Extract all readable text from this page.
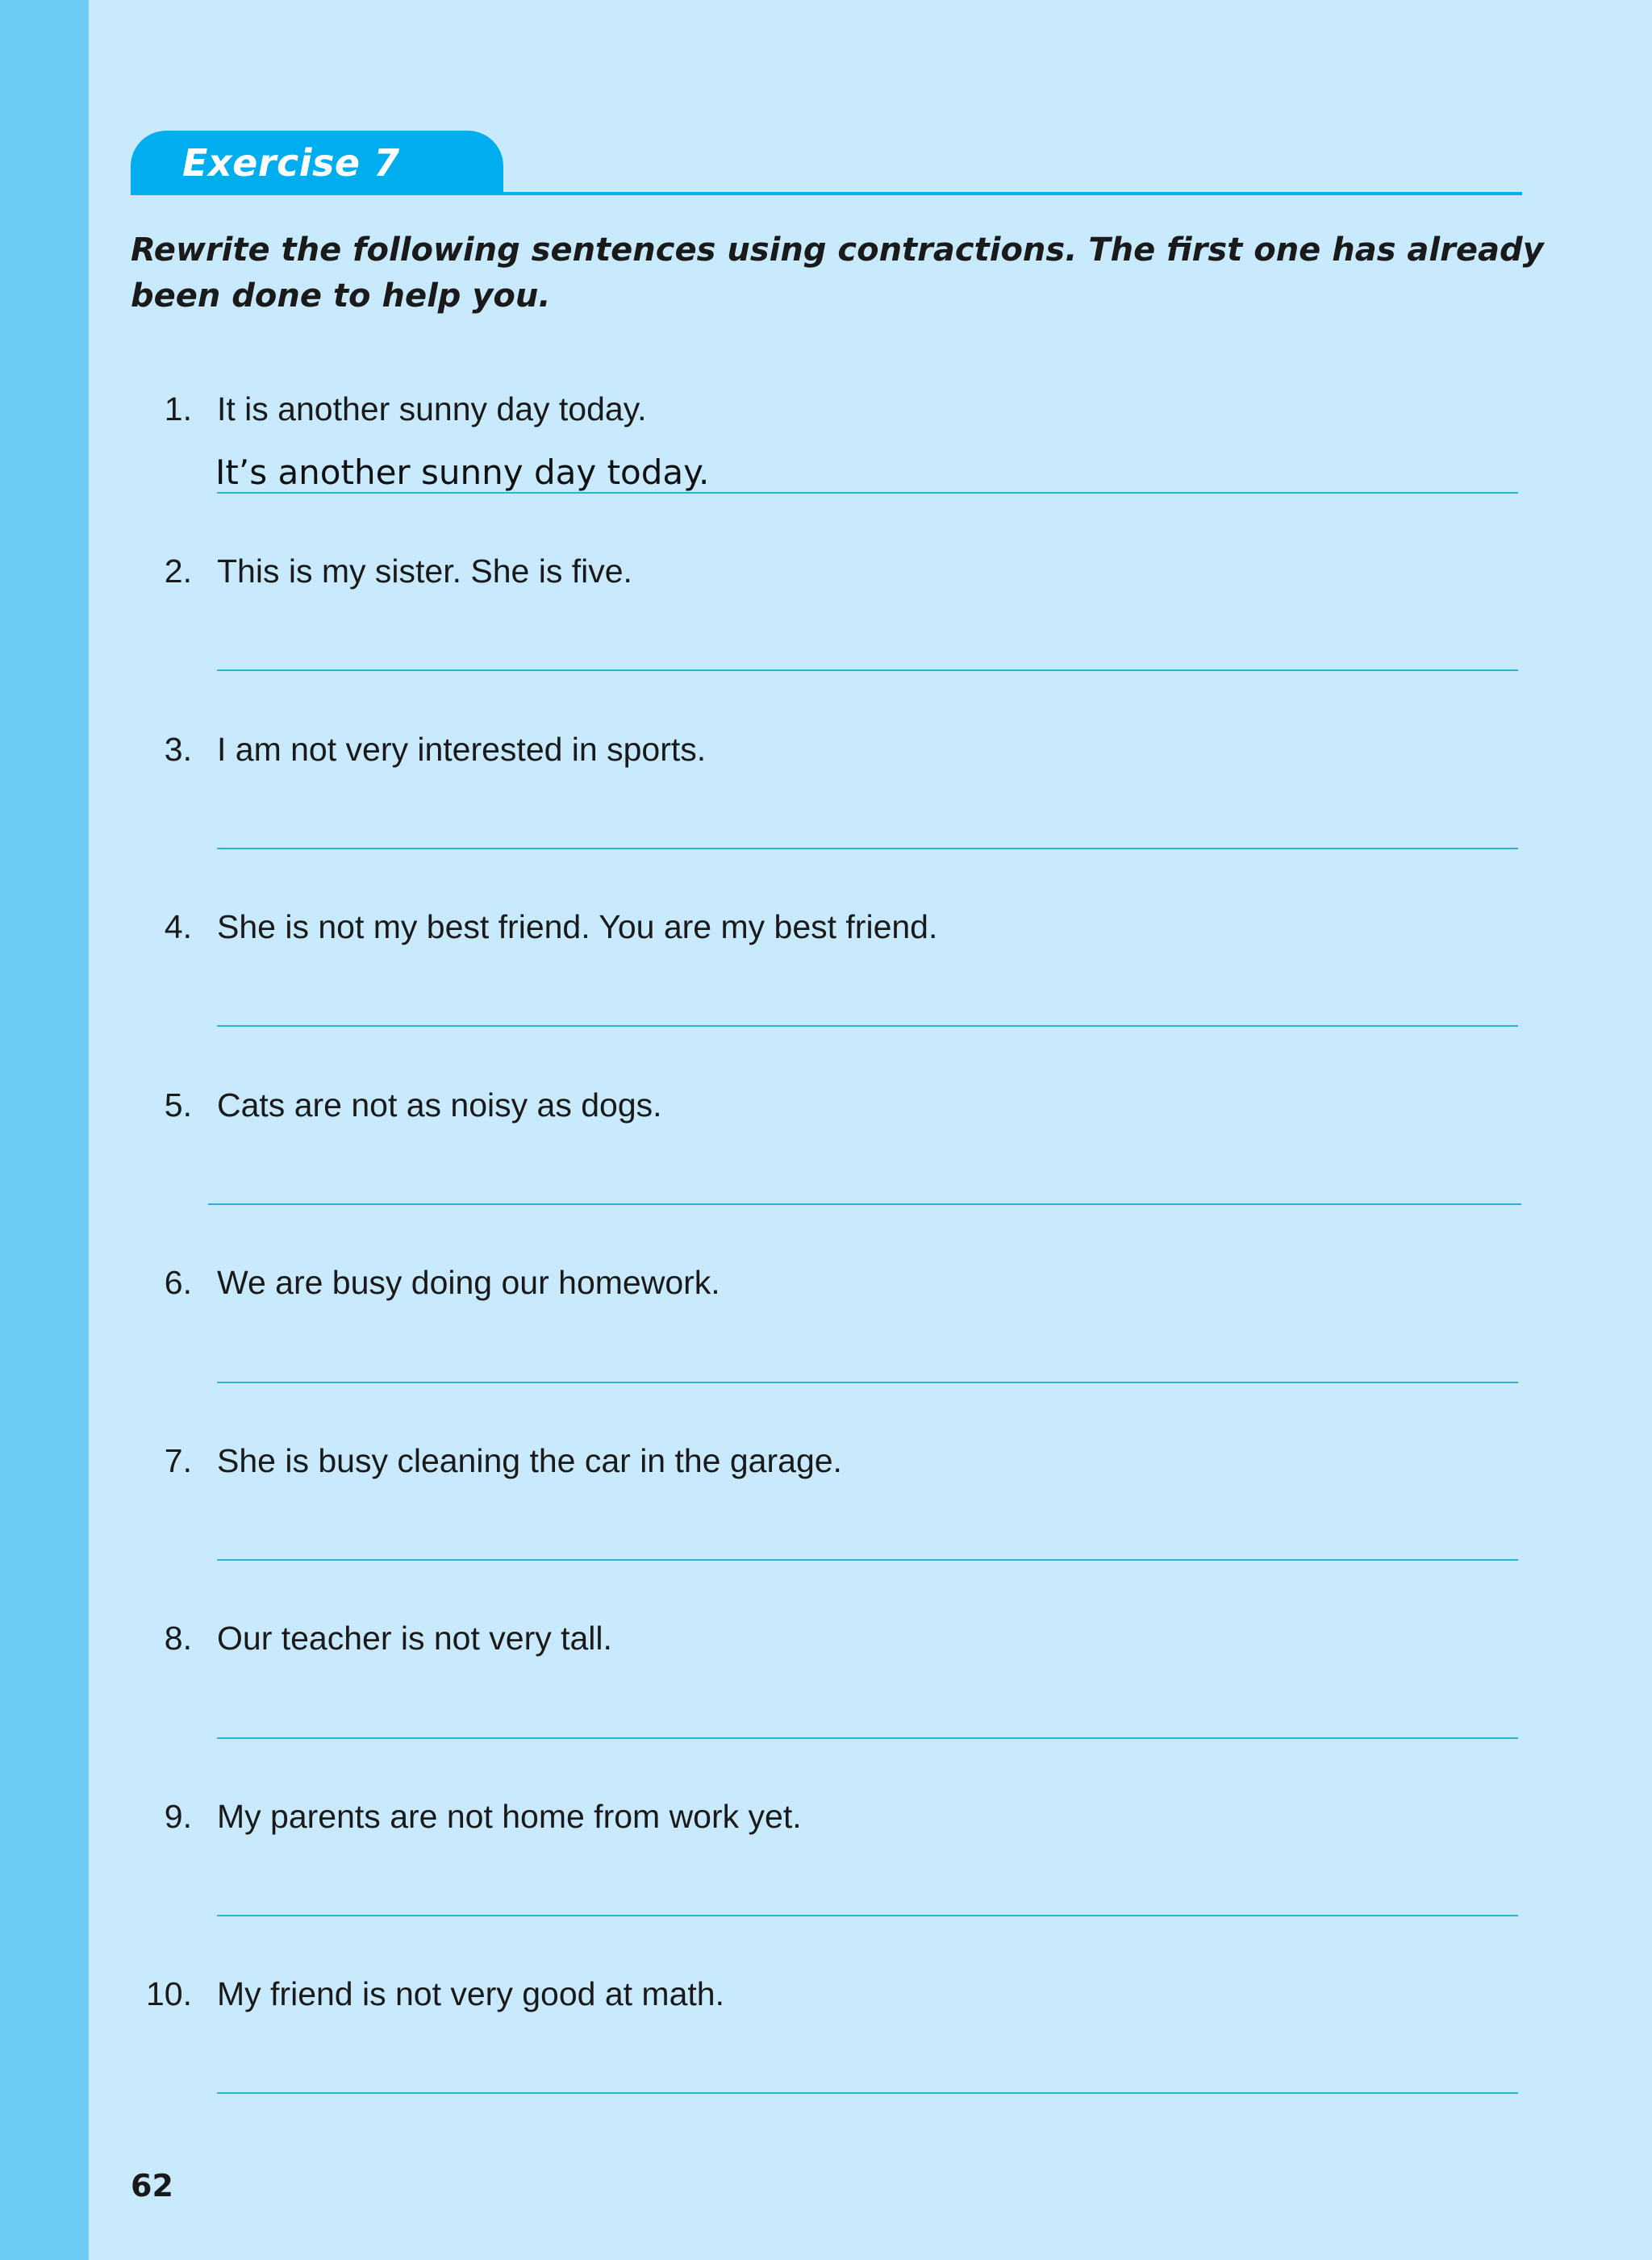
Exercise 7
Rewrite the following sentences using contractions. The first one has already been done to help you.
1. It is another sunny day today.
It’s another sunny day today.
2. This is my sister. She is five.
3. I am not very interested in sports.
4. She is not my best friend. You are my best friend.
5. Cats are not as noisy as dogs.
6. We are busy doing our homework.
7. She is busy cleaning the car in the garage.
8. Our teacher is not very tall.
9. My parents are not home from work yet.
10. My friend is not very good at math.
62
